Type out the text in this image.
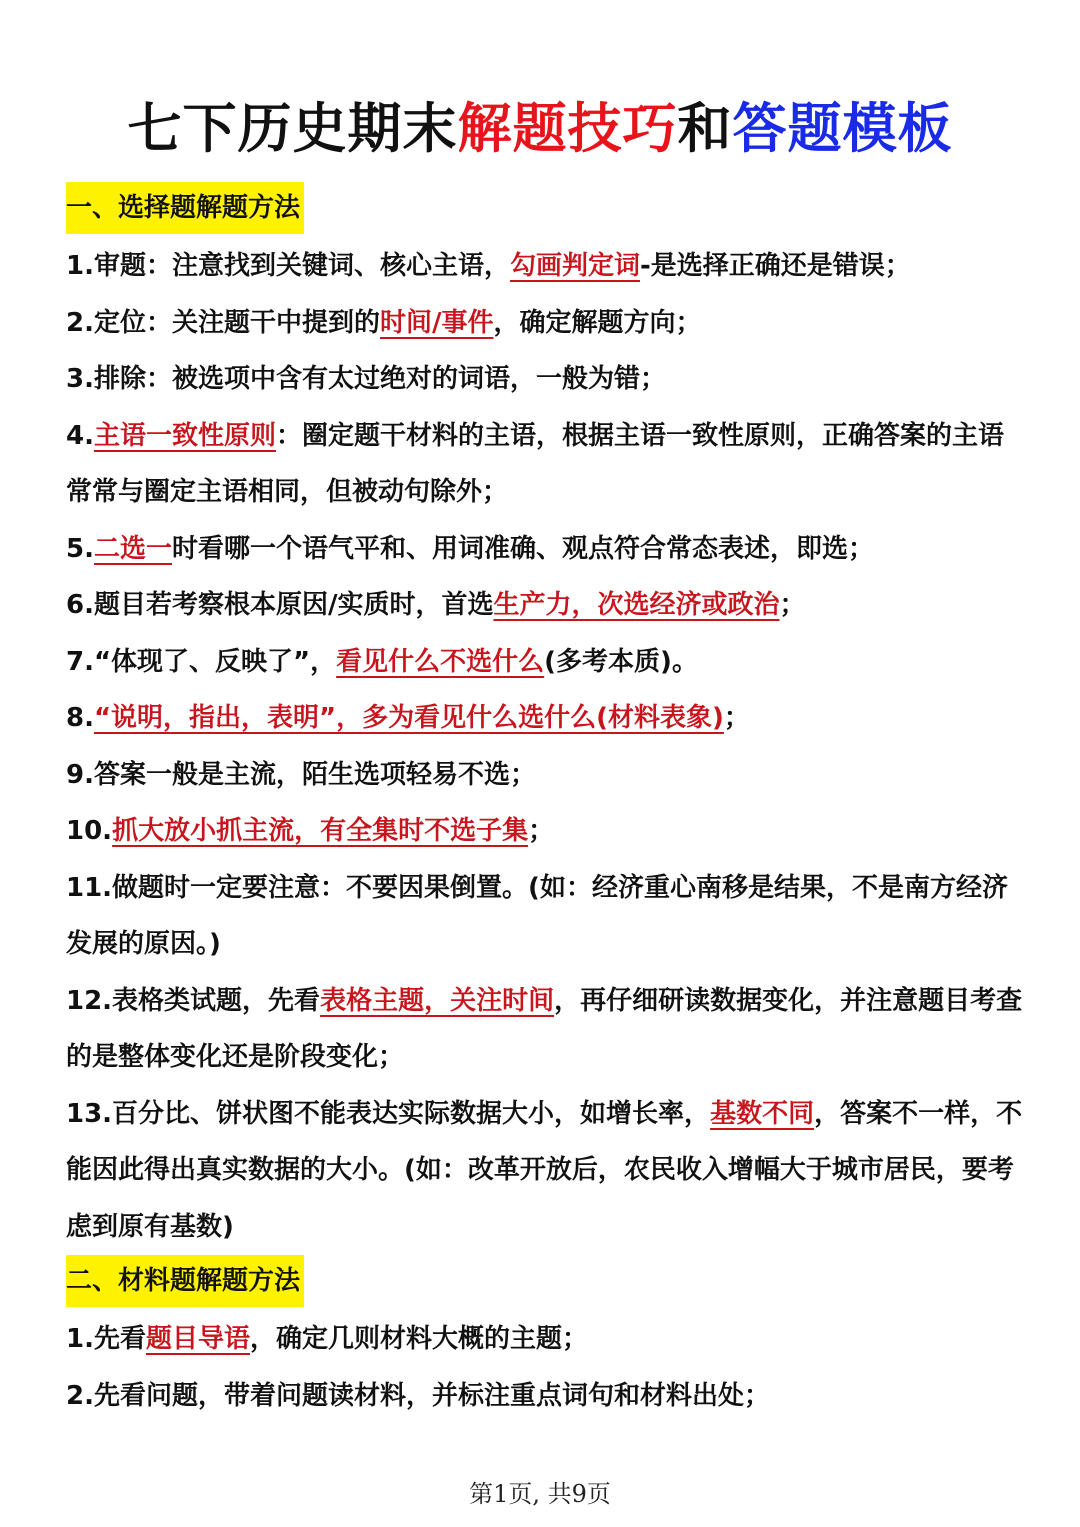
七下历史期末解题技巧和答题模板
一、选择题解题方法

1.审题：注意找到关键词、核心主语，勾画判定词-是选择正确还是错误；

2.定位：关注题干中提到的时间/事件，确定解题方向；

3.排除：被选项中含有太过绝对的词语，一般为错；

4.主语一致性原则：圈定题干材料的主语，根据主语一致性原则，正确答案的主语常常与圈定主语相同，但被动句除外；

5.二选一时看哪一个语气平和、用词准确、观点符合常态表述，即选；

6.题目若考察根本原因/实质时，首选生产力，次选经济或政治；

7.“体现了、反映了”，看见什么不选什么(多考本质)。

8.“说明，指出，表明”，多为看见什么选什么(材料表象)；

9.答案一般是主流，陌生选项轻易不选；

10.抓大放小抓主流，有全集时不选子集；

11.做题时一定要注意：不要因果倒置。(如：经济重心南移是结果，不是南方经济发展的原因。)

12.表格类试题，先看表格主题，关注时间，再仔细研读数据变化，并注意题目考查的是整体变化还是阶段变化；

13.百分比、饼状图不能表达实际数据大小，如增长率，基数不同，答案不一样，不能因此得出真实数据的大小。(如：改革开放后，农民收入增幅大于城市居民，要考虑到原有基数)

二、材料题解题方法

1.先看题目导语，确定几则材料大概的主题；

2.先看问题，带着问题读材料，并标注重点词句和材料出处；

第1页, 共9页
